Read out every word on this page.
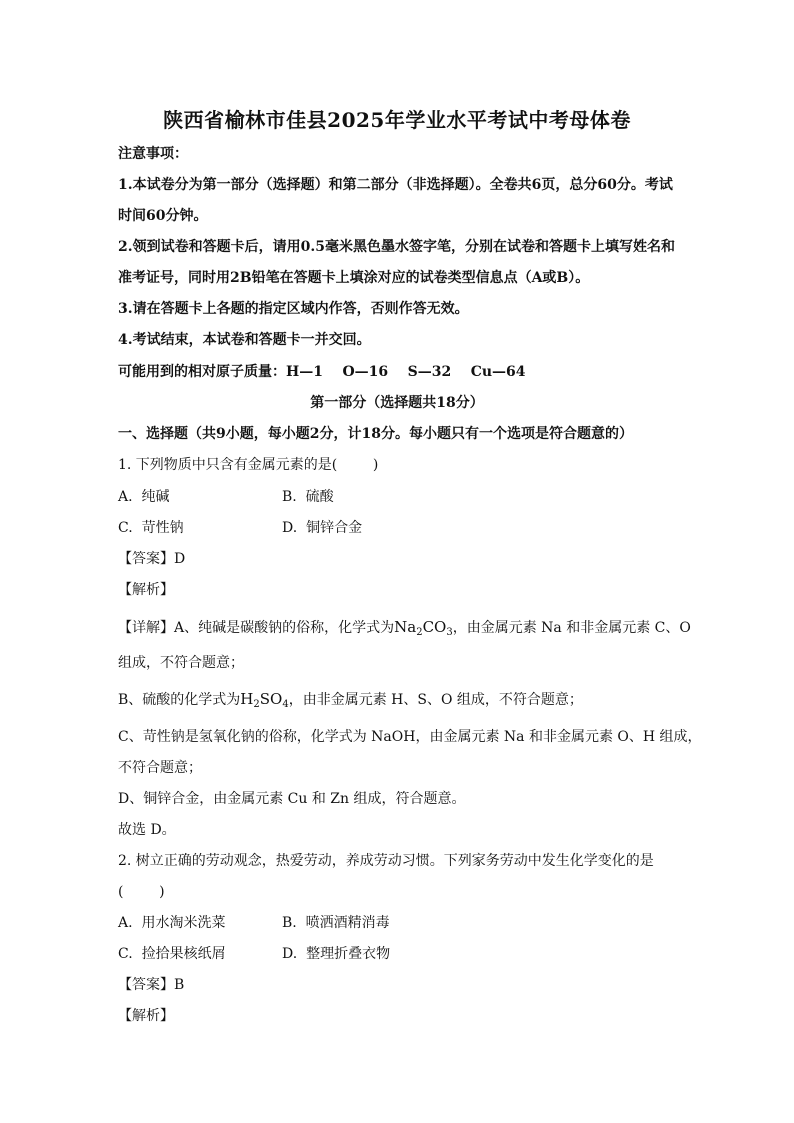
陕西省榆林市佳县2025年学业水平考试中考母体卷
注意事项：
1.本试卷分为第一部分（选择题）和第二部分（非选择题）。全卷共6页，总分60分。考试
时间60分钟。
2.领到试卷和答题卡后，请用0.5毫米黑色墨水签字笔，分别在试卷和答题卡上填写姓名和
准考证号，同时用2B铅笔在答题卡上填涂对应的试卷类型信息点（A或B）。
3.请在答题卡上各题的指定区域内作答，否则作答无效。
4.考试结束，本试卷和答题卡一并交回。
可能用到的相对原子质量：H—1    O—16    S—32    Cu—64
第一部分（选择题共18分）
一、选择题（共9小题，每小题2分，计18分。每小题只有一个选项是符合题意的）
1. 下列物质中只含有金属元素的是(        )
A.  纯碱	B.  硫酸
C.  苛性钠	D.  铜锌合金
【答案】D
【解析】
【详解】A、纯碱是碳酸钠的俗称，化学式为$Na_2CO_3$，由金属元素 Na 和非金属元素 C、O
组成，不符合题意；
B、硫酸的化学式为$H_2SO_4$，由非金属元素 H、S、O 组成，不符合题意；
C、苛性钠是氢氧化钠的俗称，化学式为 NaOH，由金属元素 Na 和非金属元素 O、H 组成，
不符合题意；
D、铜锌合金，由金属元素 Cu 和 Zn 组成，符合题意。
故选 D。
2. 树立正确的劳动观念，热爱劳动，养成劳动习惯。下列家务劳动中发生化学变化的是
(        )
A.  用水淘米洗菜	B.  喷洒酒精消毒
C.  捡拾果核纸屑	D.  整理折叠衣物
【答案】B
【解析】
